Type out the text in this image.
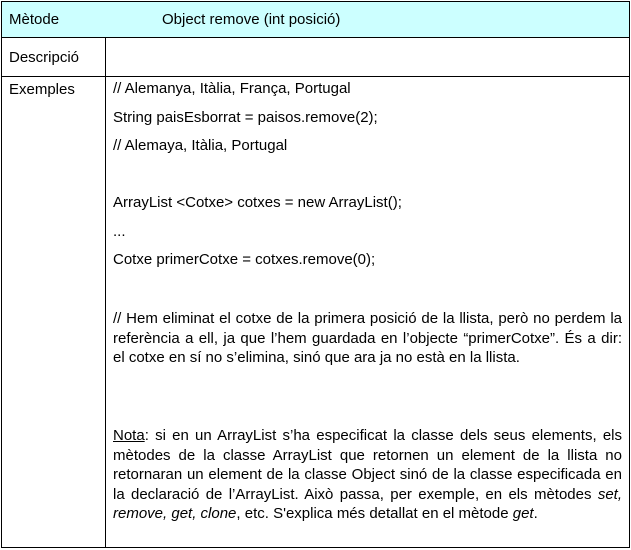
Mètode	Object remove (int posició)
Descripció
Exemples	// Alemanya, Itàlia, França, Portugal
String paisEsborrat = paisos.remove(2);
// Alemaya, Itàlia, Portugal
ArrayList <Cotxe> cotxes = new ArrayList();
...
Cotxe primerCotxe = cotxes.remove(0);

// Hem eliminat el cotxe de la primera posició de la llista, però no perdem la referència a ell, ja que l’hem guardada en l’objecte “primerCotxe”. És a dir: el cotxe en sí no s’elimina, sinó que ara ja no està en la llista.

Nota: si en un ArrayList s’ha especificat la classe dels seus elements, els mètodes de la classe ArrayList que retornen un element de la llista no retornaran un element de la classe Object sinó de la classe especificada en la declaració de l’ArrayList. Això passa, per exemple, en els mètodes set, remove, get, clone, etc. S'explica més detallat en el mètode get.
